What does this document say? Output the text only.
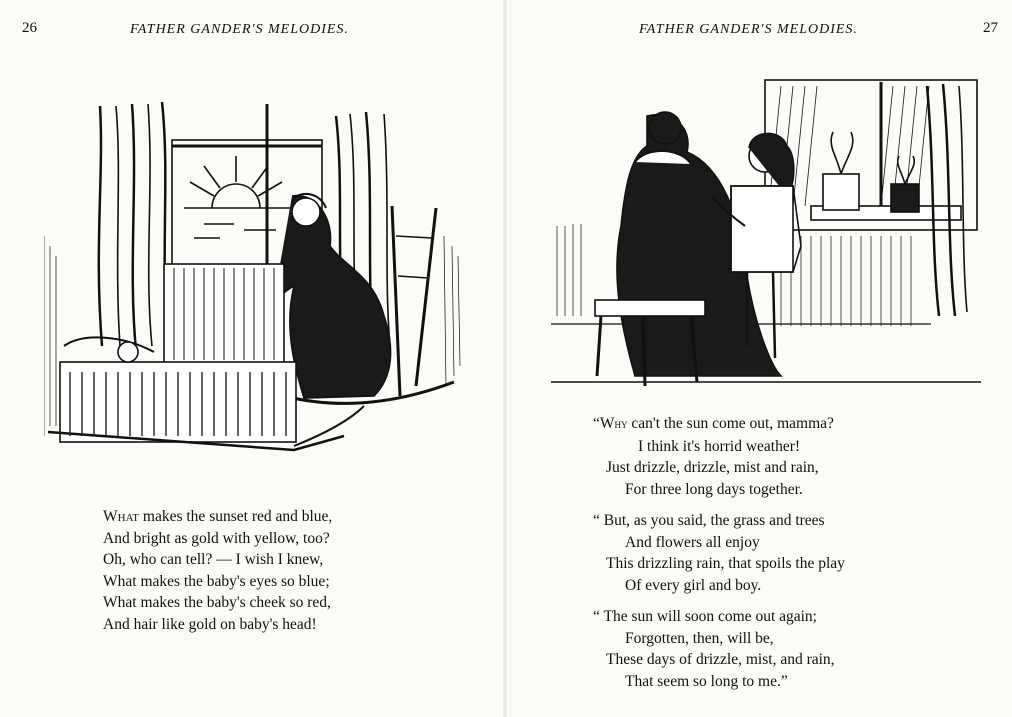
26	FATHER GANDER'S MELODIES.
What makes the sunset red and blue,
And bright as gold with yellow, too?
Oh, who can tell? — I wish I knew,
What makes the baby's eyes so blue;
What makes the baby's cheek so red,
And hair like gold on baby's head!
FATHER GANDER'S MELODIES.	27
“Why can't the sun come out, mamma?
I think it's horrid weather!
Just drizzle, drizzle, mist and rain,
For three long days together.
“ But, as you said, the grass and trees
And flowers all enjoy
This drizzling rain, that spoils the play
Of every girl and boy.
“ The sun will soon come out again;
Forgotten, then, will be,
These days of drizzle, mist, and rain,
That seem so long to me.”
